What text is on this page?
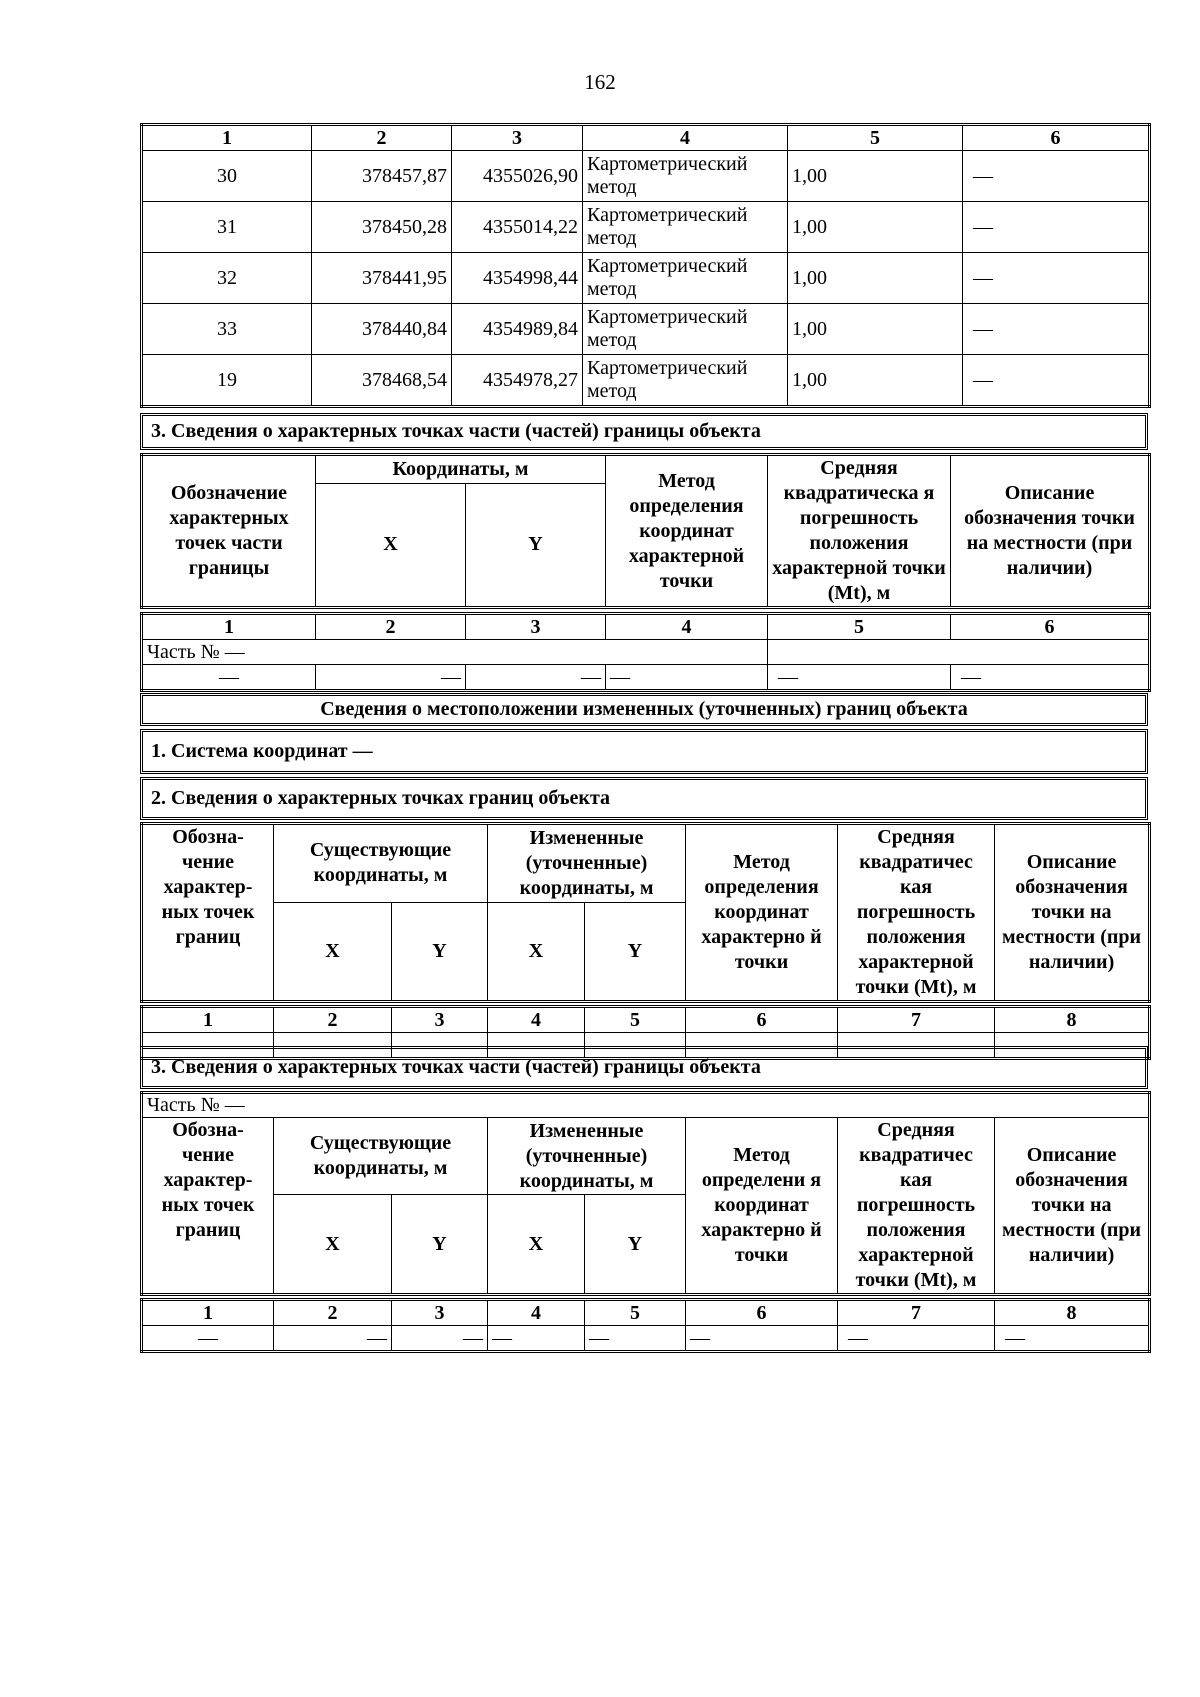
162
1	2	3	4	5	6
30	378457,87	4355026,90	Картометрический метод	1,00	—
31	378450,28	4355014,22	Картометрический метод	1,00	—
32	378441,95	4354998,44	Картометрический метод	1,00	—
33	378440,84	4354989,84	Картометрический метод	1,00	—
19	378468,54	4354978,27	Картометрический метод	1,00	—
3. Сведения о характерных точках части (частей) границы объекта
Обозначение характерных точек части границы	Координаты, м		Метод определения координат характерной точки	Средняя квадратическа я погрешность положения характерной точки (Mt), м	Описание обозначения точки на местности (при наличии)
	X	Y			
1	2	3	4	5	6
Часть № —					
—	—	—	—	—	—
Сведения о местоположении измененных (уточненных) границ объекта
1. Система координат —
2. Сведения о характерных точках границ объекта
Обозна-чение характер-ных точек границ	Существующие координаты, м		Измененные (уточненные) координаты, м		Метод определения координат характерно й точки	Средняя квадратичес кая погрешность положения характерной точки (Mt), м	Описание обозначения точки на местности (при наличии)
	X	Y	X	Y			
1	2	3	4	5	6	7	8
—	—	—	—	—	—	—	—
3. Сведения о характерных точках части (частей) границы объекта
Часть № —							
Обозна-чение характер-ных точек границ	Существующие координаты, м		Измененные (уточненные) координаты, м		Метод определени я координат характерно й точки	Средняя квадратичес кая погрешность положения характерной точки (Mt), м	Описание обозначения точки на местности (при наличии)
	X	Y	X	Y			
1	2	3	4	5	6	7	8
—	—	—	—	—	—	—	—
